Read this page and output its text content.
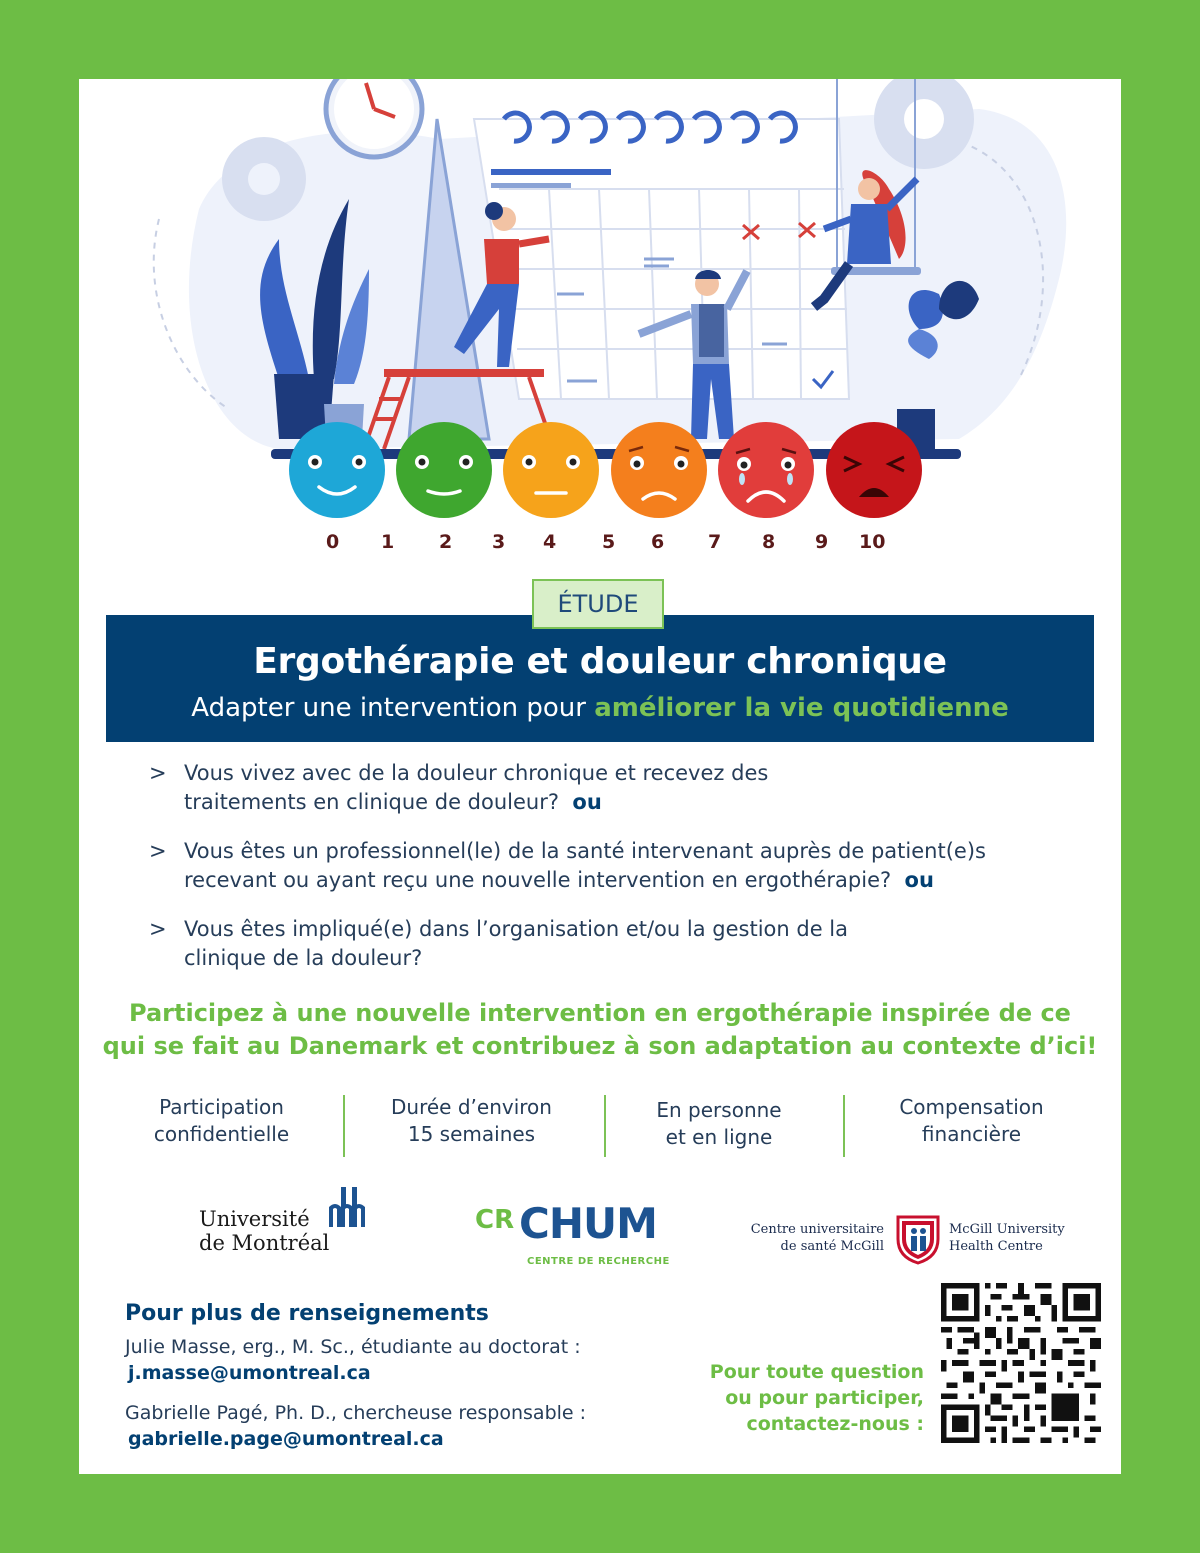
0 1 2 3 4 5 6 7 8 9 10
ÉTUDE
Ergothérapie et douleur chronique
Adapter une intervention pour améliorer la vie quotidienne
> Vous vivez avec de la douleur chronique et recevez des
traitements en clinique de douleur? ou
> Vous êtes un professionnel(le) de la santé intervenant auprès de patient(e)s
recevant ou ayant reçu une nouvelle intervention en ergothérapie? ou
> Vous êtes impliqué(e) dans l’organisation et/ou la gestion de la
clinique de la douleur?
Participez à une nouvelle intervention en ergothérapie inspirée de ce
qui se fait au Danemark et contribuez à son adaptation au contexte d’ici!
Participation
confidentielle
Durée d’environ
15 semaines
En personne
et en ligne
Compensation
financière
Université
de Montréal
CR CHUM
CENTRE DE RECHERCHE
Centre universitaire
de santé McGill
McGill University
Health Centre
Pour plus de renseignements
Julie Masse, erg., M. Sc., étudiante au doctorat :
j.masse@umontreal.ca
Gabrielle Pagé, Ph. D., chercheuse responsable :
gabrielle.page@umontreal.ca
Pour toute question
ou pour participer,
contactez-nous :
